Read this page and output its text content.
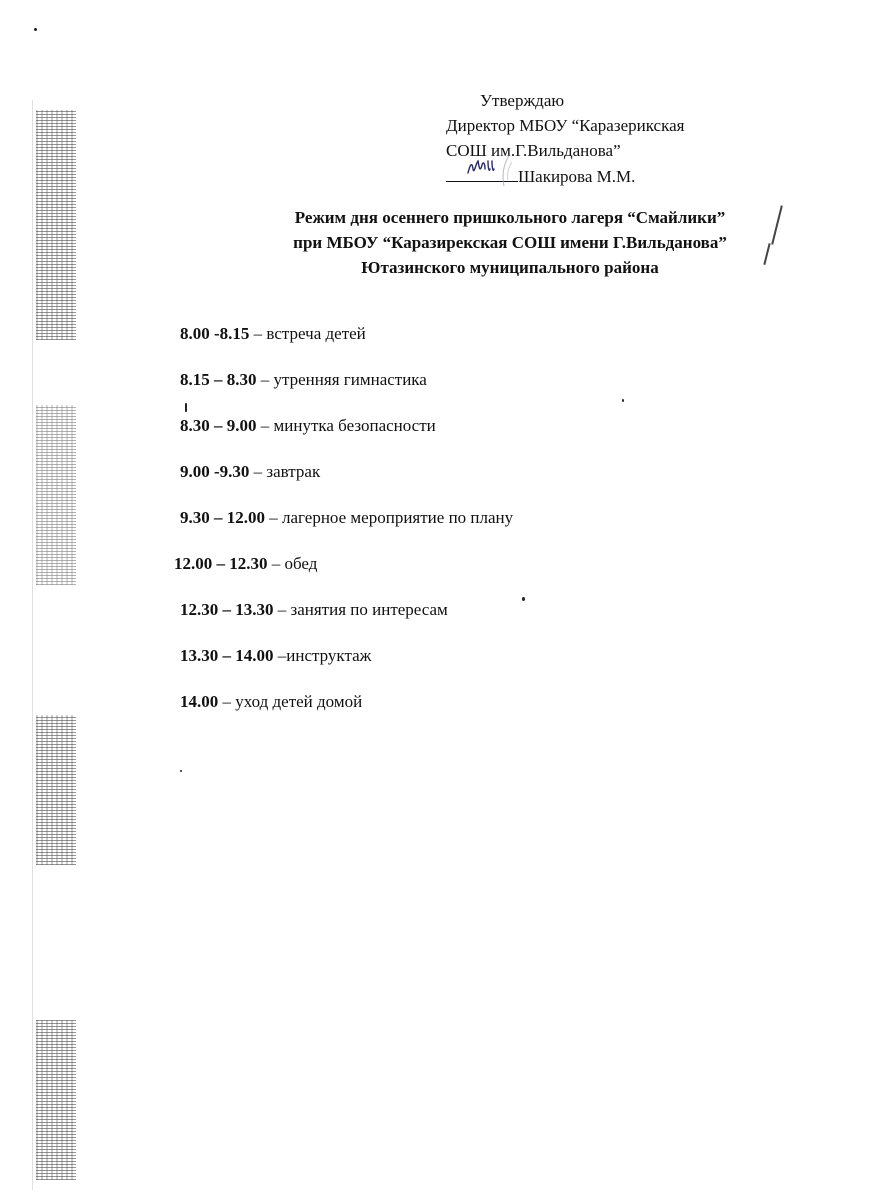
Утверждаю
Директор МБОУ “Каразерикская
СОШ им.Г.Вильданова”
Шакирова М.М.
Режим дня осеннего пришкольного лагеря “Смайлики”
при МБОУ “Каразирекская СОШ имени Г.Вильданова”
Ютазинского муниципального района
8.00 -8.15 – встреча детей
8.15 – 8.30 – утренняя гимнастика
8.30 – 9.00 – минутка безопасности
9.00 -9.30 – завтрак
9.30 – 12.00 – лагерное мероприятие по плану
12.00 – 12.30 – обед
12.30 – 13.30 – занятия по интересам
13.30 – 14.00 –инструктаж
14.00 – уход детей домой
